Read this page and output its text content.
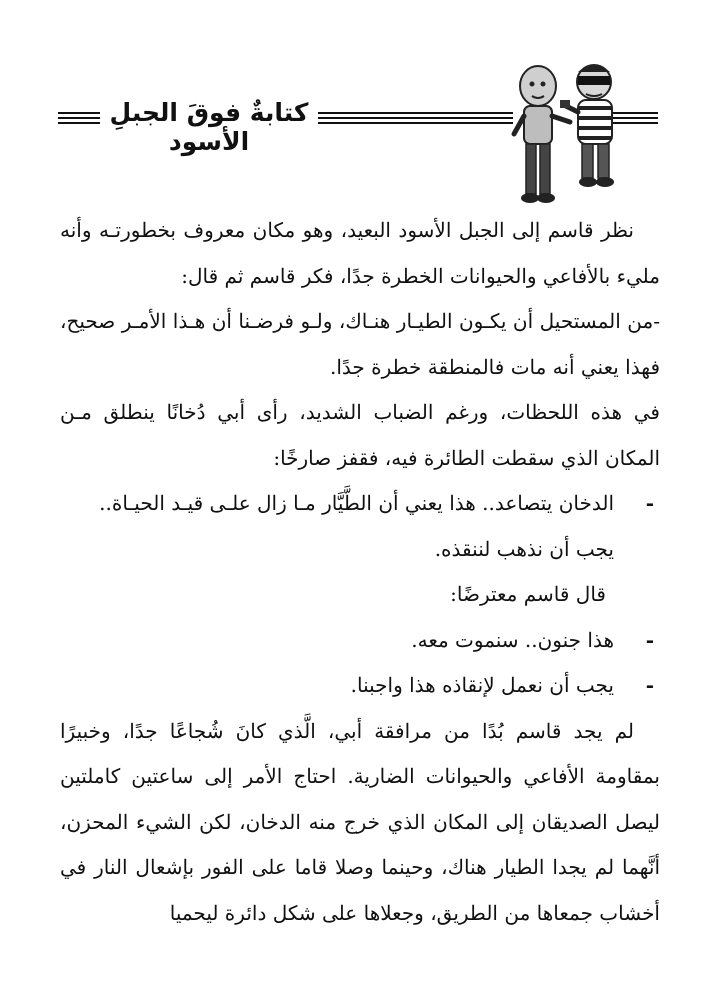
كتابةٌ فوقَ الجبلِ الأسود

نظر قاسم إلى الجبل الأسود البعيد، وهو مكان معروف بخطورتـه وأنه مليء بالأفاعي والحيوانات الخطرة جدًا، فكر قاسم ثم قال:

-من المستحيل أن يكـون الطيـار هنـاك، ولـو فرضـنا أن هـذا الأمـر صحيح، فهذا يعني أنه مات فالمنطقة خطرة جدًا.

في هذه اللحظات، ورغم الضباب الشديد، رأى أبي دُخانًا ينطلق مـن المكان الذي سقطت الطائرة فيه، فقفز صارخًا:

- الدخان يتصاعد.. هذا يعني أن الطَّيَّار مـا زال علـى قيـد الحيـاة..

يجب أن نذهب لننقذه.

قال قاسم معترضًا:

- هذا جنون.. سنموت معه.

- يجب أن نعمل لإنقاذه هذا واجبنا.

لم يجد قاسم بُدًا من مرافقة أبي، الَّذي كانَ شُجاعًا جدًا، وخبيرًا بمقاومة الأفاعي والحيوانات الضارية. احتاج الأمر إلى ساعتين كاملتين ليصل الصديقان إلى المكان الذي خرج منه الدخان، لكن الشيء المحزن، أنَّهما لم يجدا الطيار هناك، وحينما وصلا قاما على الفور بإشعال النار في أخشاب جمعاها من الطريق، وجعلاها على شكل دائرة ليحميا
